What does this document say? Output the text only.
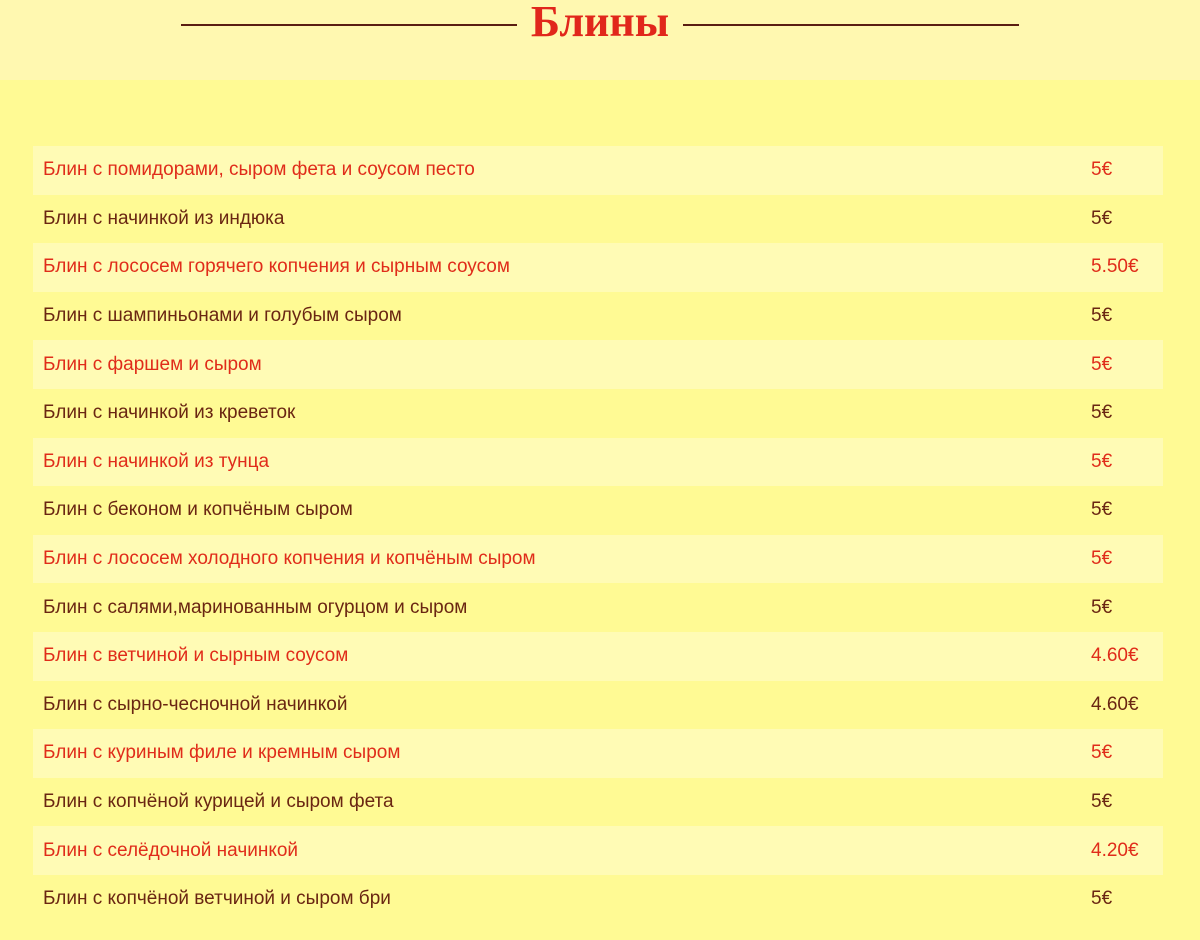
Блины
Блин с помидорами, сыром фета и соусом песто	5€
Блин с начинкой из индюка	5€
Блин с лососем горячего копчения и сырным соусом	5.50€
Блин с шампиньонами и голубым сыром	5€
Блин с фаршем и сыром	5€
Блин с начинкой из креветок	5€
Блин с начинкой из тунца	5€
Блин с беконом и копчёным сыром	5€
Блин с лососем холодного копчения и копчёным сыром	5€
Блин с салями,маринованным огурцом и сыром	5€
Блин с ветчиной и сырным соусом	4.60€
Блин с сырно-чесночной начинкой	4.60€
Блин с куриным филе и кремным сыром	5€
Блин с копчёной курицей и сыром фета	5€
Блин с селёдочной начинкой	4.20€
Блин с копчёной ветчиной и сыром бри	5€
